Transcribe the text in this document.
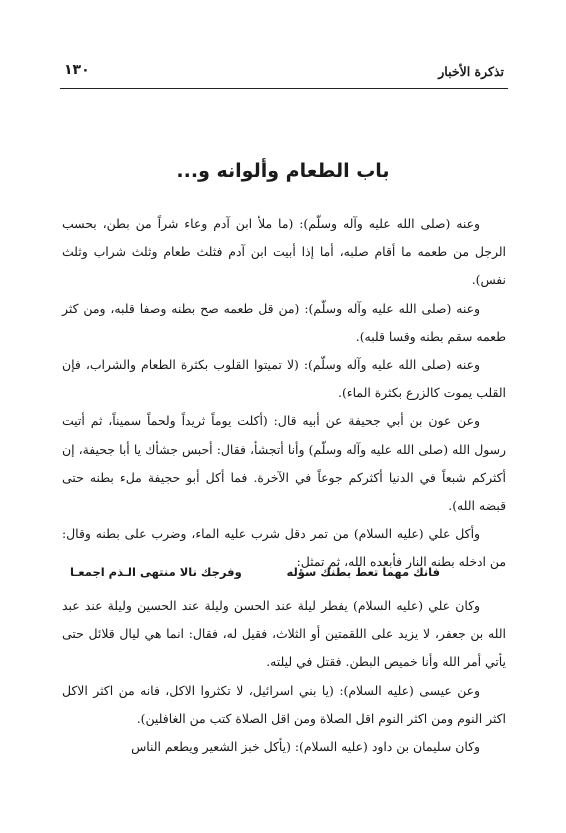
تذكرة الأخبار
١٣٠
باب الطعام وألوانه و...

وعنه (صلى الله عليه وآله وسلّم): (ما ملأ ابن آدم وعاء شراً من بطن، بحسب الرجل من طعمه ما أقام صلبه، أما إذا أبيت ابن آدم فثلث طعام وثلث شراب وثلث نفس).

وعنه (صلى الله عليه وآله وسلّم): (من قل طعمه صح بطنه وصفا قلبه، ومن كثر طعمه سقم بطنه وقسا قلبه).

وعنه (صلى الله عليه وآله وسلّم): (لا تميتوا القلوب بكثرة الطعام والشراب، فإن القلب يموت كالزرع بكثرة الماء).

وعن عون بن أبي جحيفة عن أبيه قال: (أكلت يوماً ثريداً ولحماً سميناً، ثم أتيت رسول الله (صلى الله عليه وآله وسلّم) وأنا أتجشأ، فقال: أحبس جشأك يا أبا جحيفة، إن أكثركم شبعاً في الدنيا أكثركم جوعاً في الآخرة. فما أكل أبو حجيفة ملء بطنه حتى قبضه الله).

وأكل علي (عليه السلام) من تمر دقل شرب عليه الماء، وضرب على بطنه وقال: من ادخله بطنه النار فأبعده الله، ثم تمثل:

فانك مهما تعط بطنك سؤله
وفرجك نالا منتهى الـذم اجمعـا

وكان علي (عليه السلام) يفطر ليلة عند الحسن وليلة عند الحسين وليلة عند عبد الله بن جعفر، لا يزيد على اللقمتين أو الثلاث، فقيل له، فقال: انما هي ليال قلائل حتى يأتي أمر الله وأنا خميص البطن. فقتل في ليلته.

وعن عيسى (عليه السلام): (يا بني اسرائيل، لا تكثروا الاكل، فانه من اكثر الاكل اكثر النوم ومن اكثر النوم اقل الصلاة ومن اقل الصلاة كتب من الغافلين).

وكان سليمان بن داود (عليه السلام): (يأكل خبز الشعير ويطعم الناس
